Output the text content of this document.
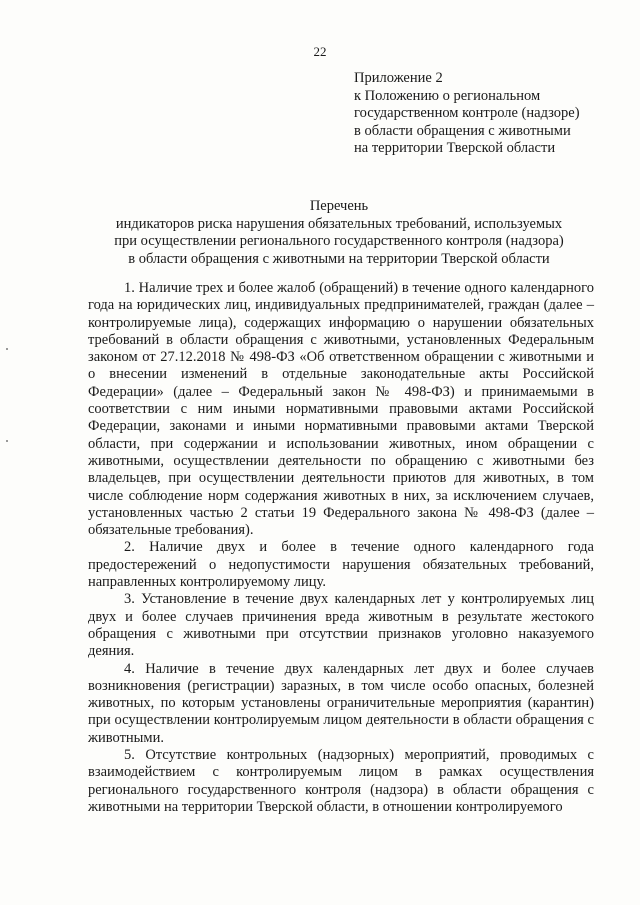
22
Приложение 2
к Положению о региональном
государственном контроле (надзоре)
в области обращения с животными
на территории Тверской области
Перечень
индикаторов риска нарушения обязательных требований, используемых
при осуществлении регионального государственного контроля (надзора)
в области обращения с животными на территории Тверской области

1. Наличие трех и более жалоб (обращений) в течение одного календарного года на юридических лиц, индивидуальных предпринимателей, граждан (далее – контролируемые лица), содержащих информацию о нарушении обязательных требований в области обращения с животными, установленных Федеральным законом от 27.12.2018 № 498-ФЗ «Об ответственном обращении с животными и о внесении изменений в отдельные законодательные акты Российской Федерации» (далее – Федеральный закон № 498-ФЗ) и принимаемыми в соответствии с ним иными нормативными правовыми актами Российской Федерации, законами и иными нормативными правовыми актами Тверской области, при содержании и использовании животных, ином обращении с животными, осуществлении деятельности по обращению с животными без владельцев, при осуществлении деятельности приютов для животных, в том числе соблюдение норм содержания животных в них, за исключением случаев, установленных частью 2 статьи 19 Федерального закона № 498-ФЗ (далее – обязательные требования).

2. Наличие двух и более в течение одного календарного года предостережений о недопустимости нарушения обязательных требований, направленных контролируемому лицу.

3. Установление в течение двух календарных лет у контролируемых лиц двух и более случаев причинения вреда животным в результате жестокого обращения с животными при отсутствии признаков уголовно наказуемого деяния.

4. Наличие в течение двух календарных лет двух и более случаев возникновения (регистрации) заразных, в том числе особо опасных, болезней животных, по которым установлены ограничительные мероприятия (карантин) при осуществлении контролируемым лицом деятельности в области обращения с животными.

5. Отсутствие контрольных (надзорных) мероприятий, проводимых с взаимодействием с контролируемым лицом в рамках осуществления регионального государственного контроля (надзора) в области обращения с животными на территории Тверской области, в отношении контролируемого
